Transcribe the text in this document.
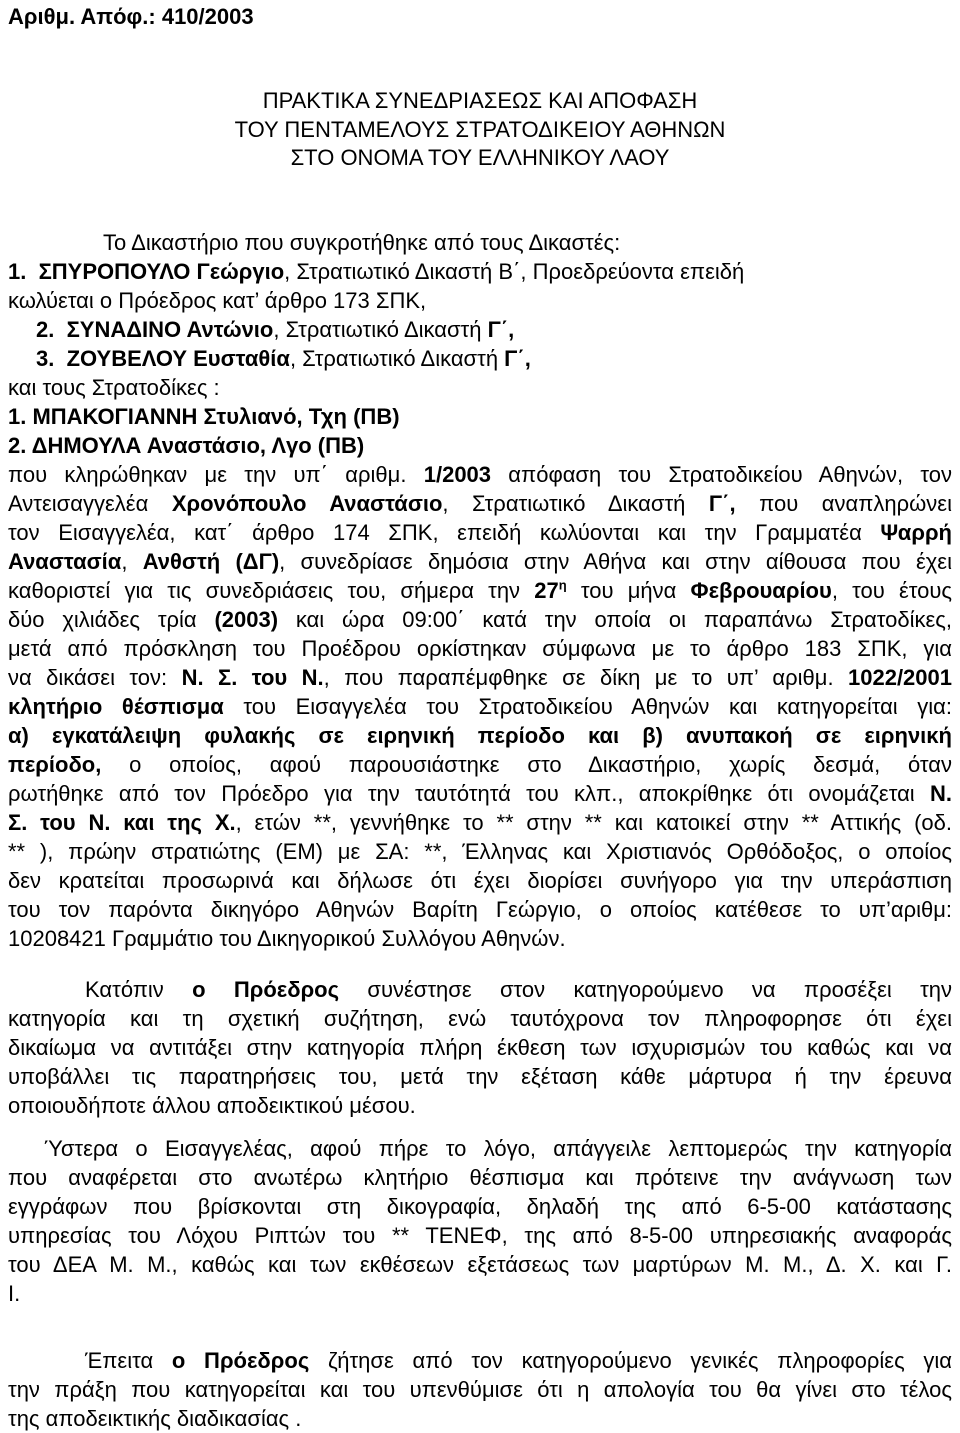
Αριθμ. Απόφ.: 410/2003
ΠΡΑΚΤΙΚΑ ΣΥΝΕΔΡΙΑΣΕΩΣ ΚΑΙ ΑΠΟΦΑΣΗ
ΤΟΥ ΠΕΝΤΑΜΕΛΟΥΣ ΣΤΡΑΤΟΔΙΚΕΙΟΥ ΑΘΗΝΩΝ
ΣΤΟ ΟΝΟΜΑ ΤΟΥ ΕΛΛΗΝΙΚΟΥ ΛΑΟΥ
Το Δικαστήριο που συγκροτήθηκε από τους Δικαστές:
1. ΣΠΥΡΟΠΟΥΛΟ Γεώργιο, Στρατιωτικό Δικαστή Β΄, Προεδρεύοντα επειδή
κωλύεται ο Πρόεδρος κατ’ άρθρο 173 ΣΠΚ,
2. ΣΥΝΑΔΙΝΟ Αντώνιο, Στρατιωτικό Δικαστή Γ΄,
3. ΖΟΥΒΕΛΟΥ Ευσταθία, Στρατιωτικό Δικαστή Γ΄,
και τους Στρατοδίκες :
1. ΜΠΑΚΟΓΙΑΝΝΗ Στυλιανό, Τχη (ΠΒ)
2. ΔΗΜΟΥΛΑ Αναστάσιο, Λγο (ΠΒ)
που κληρώθηκαν με την υπ΄ αριθμ. 1/2003 απόφαση του Στρατοδικείου Αθηνών, τον
Αντεισαγγελέα Χρονόπουλο Αναστάσιο, Στρατιωτικό Δικαστή Γ΄, που αναπληρώνει
τον Εισαγγελέα, κατ΄ άρθρο 174 ΣΠΚ, επειδή κωλύονται και την Γραμματέα Ψαρρή
Αναστασία, Ανθστή (ΔΓ), συνεδρίασε δημόσια στην Αθήνα και στην αίθουσα που έχει
καθοριστεί για τις συνεδριάσεις του, σήμερα την $27^\eta$ του μήνα Φεβρουαρίου, του έτους
δύο χιλιάδες τρία (2003) και ώρα 09:00΄ κατά την οποία οι παραπάνω Στρατοδίκες,
μετά από πρόσκληση του Προέδρου ορκίστηκαν σύμφωνα με το άρθρο 183 ΣΠΚ, για
να δικάσει τον: Ν. Σ. του Ν., που παραπέμφθηκε σε δίκη με το υπ’ αριθμ. 1022/2001
κλητήριο θέσπισμα του Εισαγγελέα του Στρατοδικείου Αθηνών και κατηγορείται για:
α) εγκατάλειψη φυλακής σε ειρηνική περίοδο και β) ανυπακοή σε ειρηνική
περίοδο, ο οποίος, αφού παρουσιάστηκε στο Δικαστήριο, χωρίς δεσμά, όταν
ρωτήθηκε από τον Πρόεδρο για την ταυτότητά του κλπ., αποκρίθηκε ότι ονομάζεται Ν.
Σ. του Ν. και της Χ., ετών **, γεννήθηκε το ** στην ** και κατοικεί στην ** Αττικής (οδ.
** ), πρώην στρατιώτης (ΕΜ) με ΣΑ: **, Έλληνας και Χριστιανός Ορθόδοξος, ο οποίος
δεν κρατείται προσωρινά και δήλωσε ότι έχει διορίσει συνήγορο για την υπεράσπιση
του τον παρόντα δικηγόρο Αθηνών Βαρίτη Γεώργιο, ο οποίος κατέθεσε το υπ’αριθμ:
10208421 Γραμμάτιο του Δικηγορικού Συλλόγου Αθηνών.
Κατόπιν ο Πρόεδρος συνέστησε στον κατηγορούμενο να προσέξει την
κατηγορία και τη σχετική συζήτηση, ενώ ταυτόχρονα τον πληροφορησε ότι έχει
δικαίωμα να αντιτάξει στην κατηγορία πλήρη έκθεση των ισχυρισμών του καθώς και να
υποβάλλει τις παρατηρήσεις του, μετά την εξέταση κάθε μάρτυρα ή την έρευνα
οποιουδήποτε άλλου αποδεικτικού μέσου.
Ύστερα ο Εισαγγελέας, αφού πήρε το λόγο, απάγγειλε λεπτομερώς την κατηγορία
που αναφέρεται στο ανωτέρω κλητήριο θέσπισμα και πρότεινε την ανάγνωση των
εγγράφων που βρίσκονται στη δικογραφία, δηλαδή της από 6-5-00 κατάστασης
υπηρεσίας του Λόχου Ριπτών του ** ΤΕΝΕΦ, της από 8-5-00 υπηρεσιακής αναφοράς
του ΔΕΑ Μ. Μ., καθώς και των εκθέσεων εξετάσεως των μαρτύρων Μ. Μ., Δ. Χ. και Γ.
Ι.
Έπειτα ο Πρόεδρος ζήτησε από τον κατηγορούμενο γενικές πληροφορίες για
την πράξη που κατηγορείται και του υπενθύμισε ότι η απολογία του θα γίνει στο τέλος
της αποδεικτικής διαδικασίας .
